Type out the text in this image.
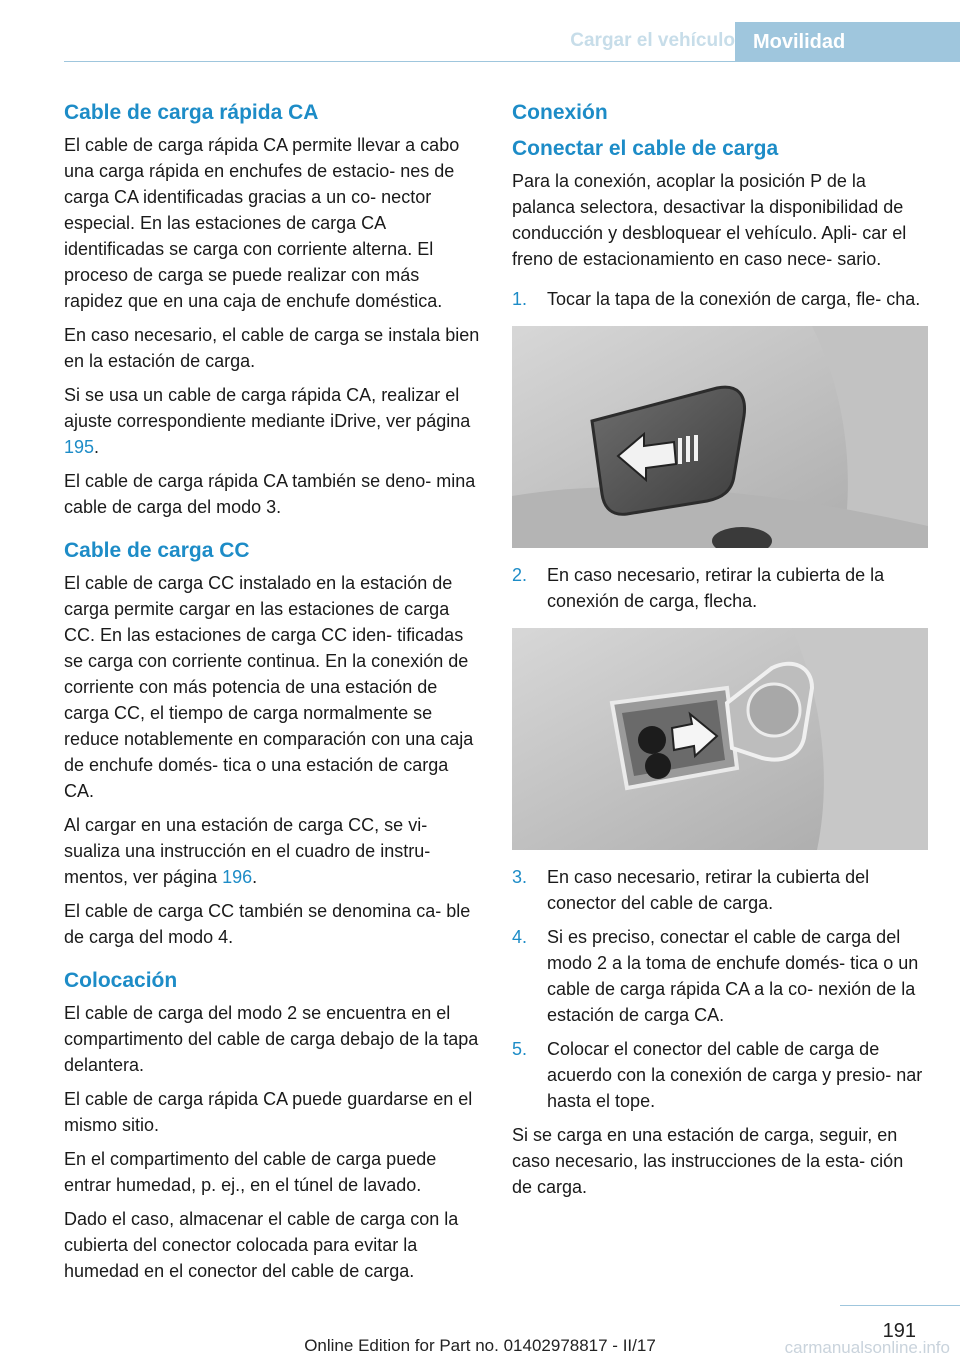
Cargar el vehículo Movilidad
Cable de carga rápida CA

El cable de carga rápida CA permite llevar a cabo una carga rápida en enchufes de estacio‐ nes de carga CA identificadas gracias a un co‐ nector especial. En las estaciones de carga CA identificadas se carga con corriente alterna. El proceso de carga se puede realizar con más rapidez que en una caja de enchufe doméstica.

En caso necesario, el cable de carga se instala bien en la estación de carga.

Si se usa un cable de carga rápida CA, realizar el ajuste correspondiente mediante iDrive, ver página 195.

El cable de carga rápida CA también se deno‐ mina cable de carga del modo 3.

Cable de carga CC

El cable de carga CC instalado en la estación de carga permite cargar en las estaciones de carga CC. En las estaciones de carga CC iden‐ tificadas se carga con corriente continua. En la conexión de corriente con más potencia de una estación de carga CC, el tiempo de carga normalmente se reduce notablemente en comparación con una caja de enchufe domés‐ tica o una estación de carga CA.

Al cargar en una estación de carga CC, se vi‐ sualiza una instrucción en el cuadro de instru‐ mentos, ver página 196.

El cable de carga CC también se denomina ca‐ ble de carga del modo 4.

Colocación

El cable de carga del modo 2 se encuentra en el compartimento del cable de carga debajo de la tapa delantera.

El cable de carga rápida CA puede guardarse en el mismo sitio.

En el compartimento del cable de carga puede entrar humedad, p. ej., en el túnel de lavado.

Dado el caso, almacenar el cable de carga con la cubierta del conector colocada para evitar la humedad en el conector del cable de carga.

Conexión
Conectar el cable de carga

Para la conexión, acoplar la posición P de la palanca selectora, desactivar la disponibilidad de conducción y desbloquear el vehículo. Apli‐ car el freno de estacionamiento en caso nece‐ sario.

1. Tocar la tapa de la conexión de carga, fle‐ cha.
2. En caso necesario, retirar la cubierta de la conexión de carga, flecha.
3. En caso necesario, retirar la cubierta del conector del cable de carga.
4. Si es preciso, conectar el cable de carga del modo 2 a la toma de enchufe domés‐ tica o un cable de carga rápida CA a la co‐ nexión de la estación de carga CA.
5. Colocar el conector del cable de carga de acuerdo con la conexión de carga y presio‐ nar hasta el tope.

Si se carga en una estación de carga, seguir, en caso necesario, las instrucciones de la esta‐ ción de carga.

191
Online Edition for Part no. 01402978817 - II/17	carmanualsonline.info
